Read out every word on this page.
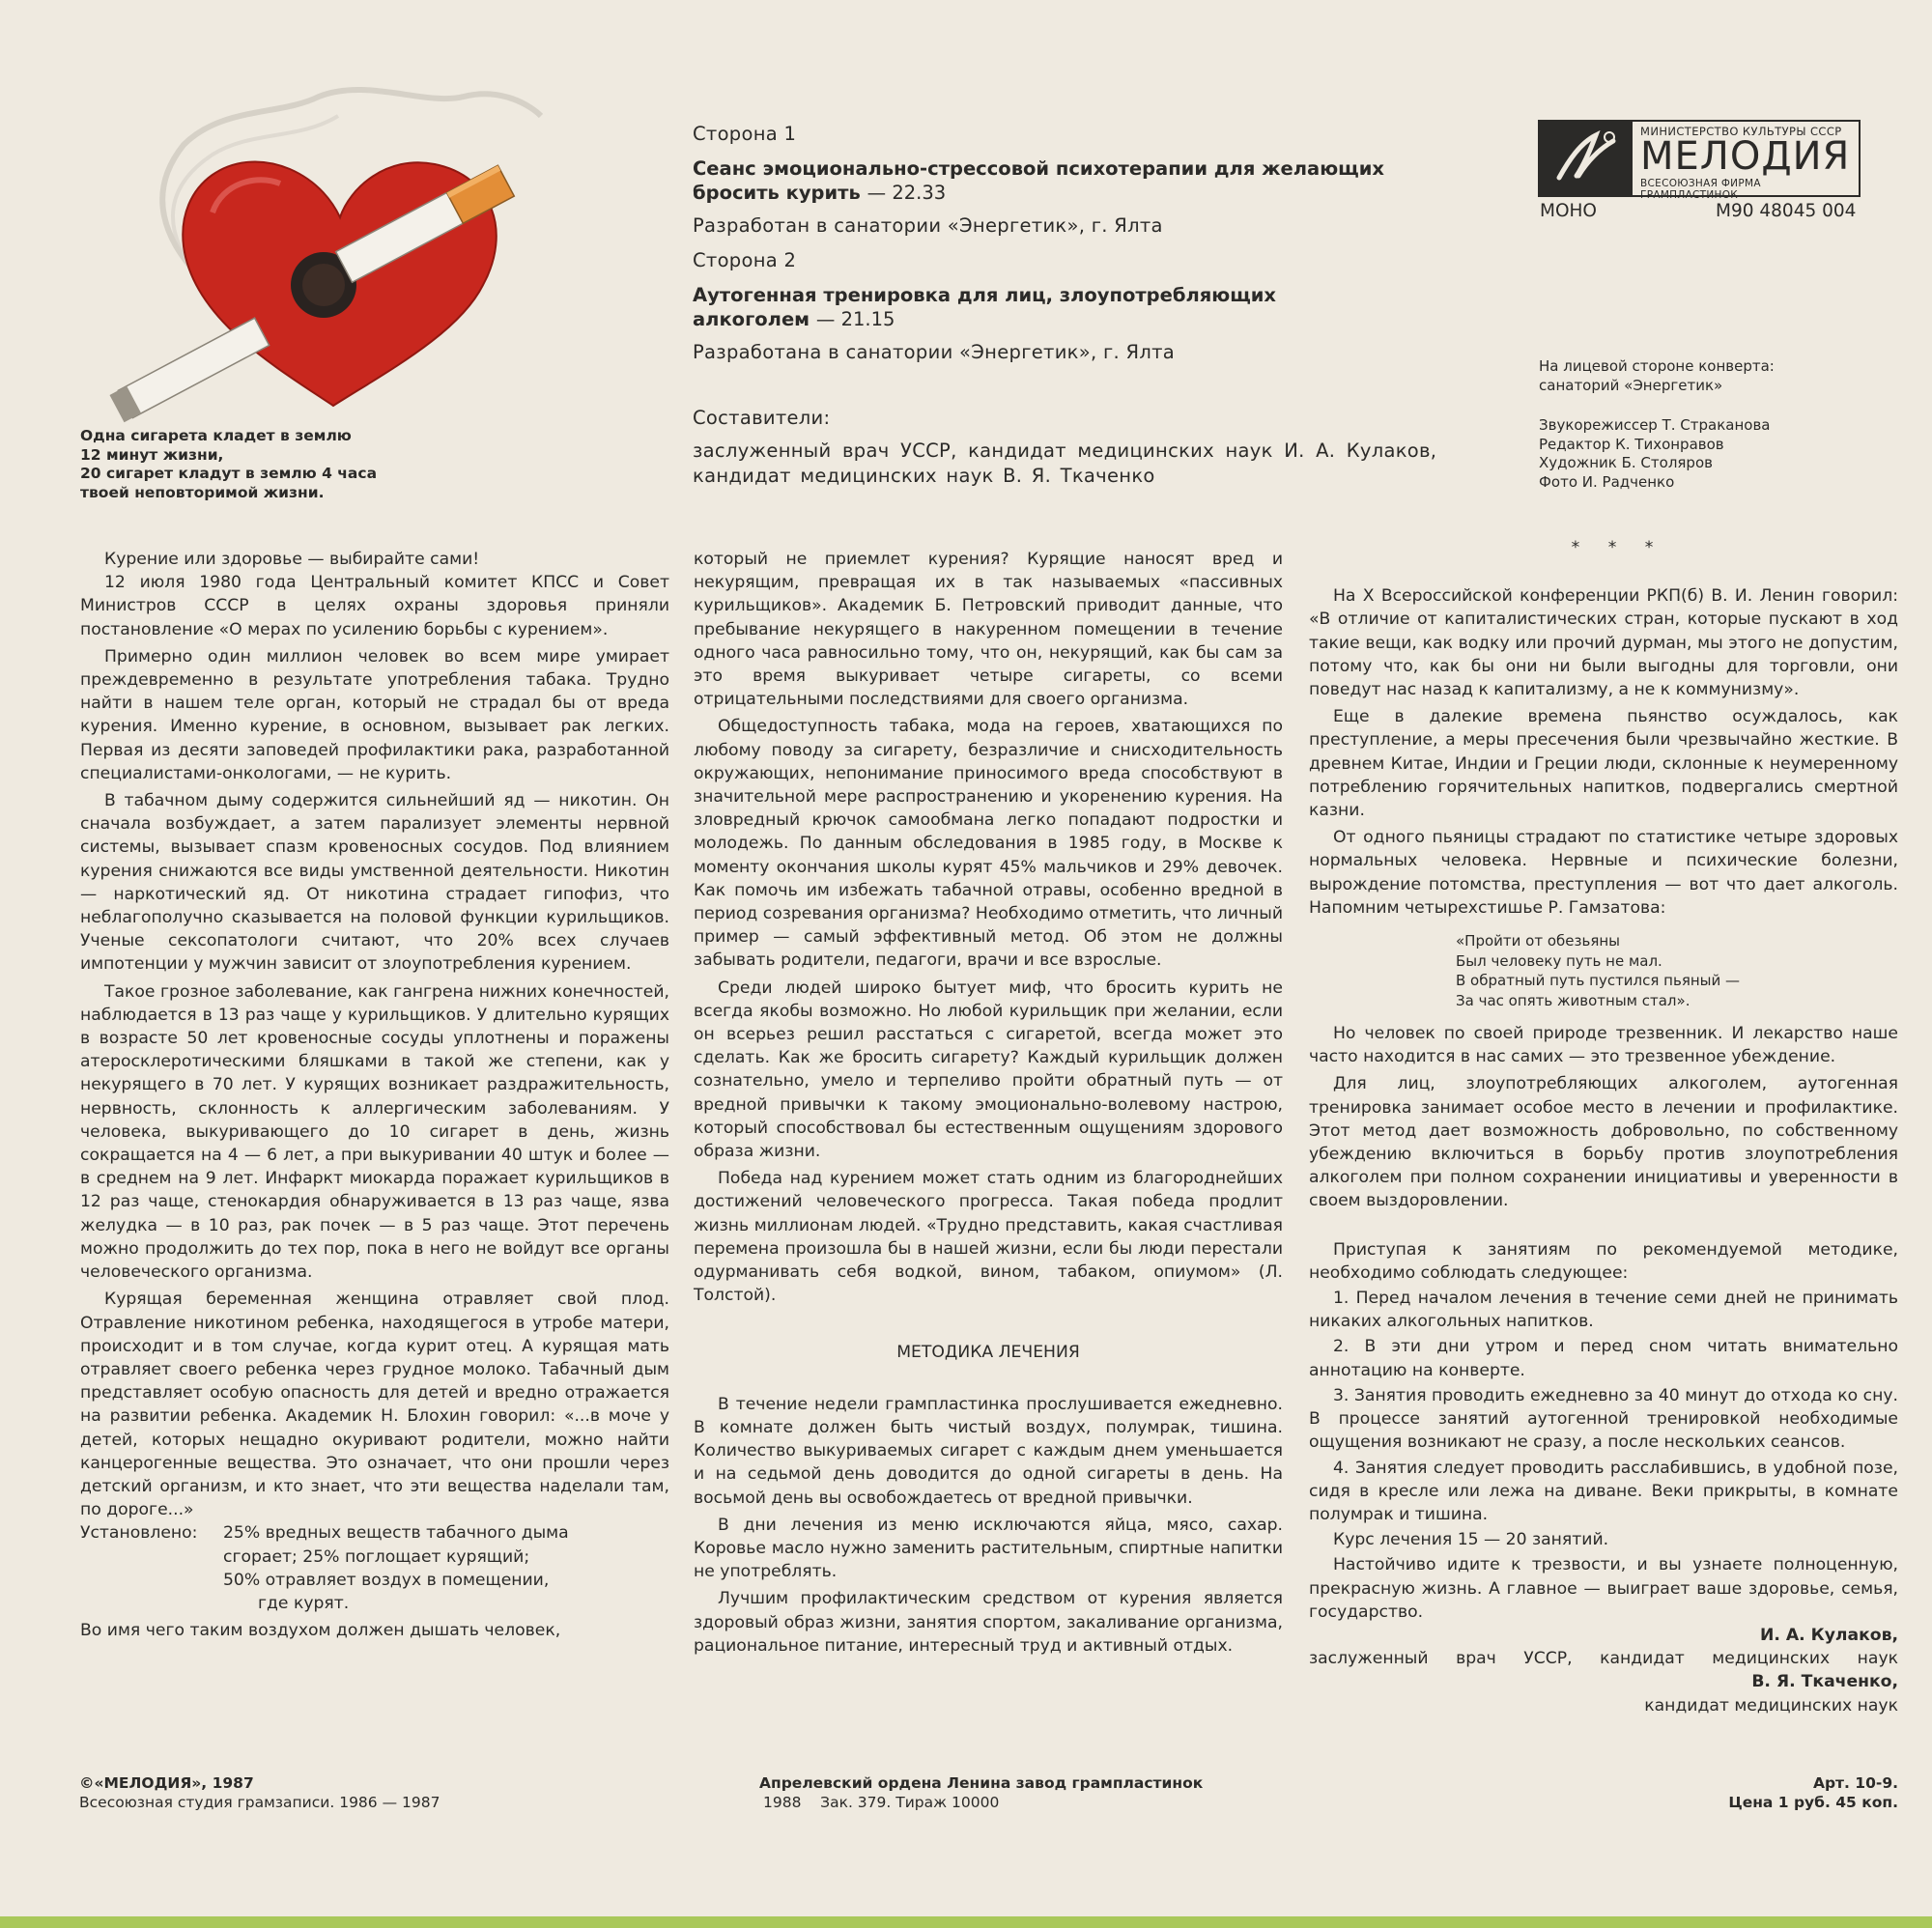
Одна сигарета кладет в землю

12 минут жизни,

20 сигарет кладут в землю 4 часа

твоей неповторимой жизни.

Сторона 1

Сеанс эмоционально-стрессовой психотерапии для желающих

бросить курить — 22.33

Разработан в санатории «Энергетик», г. Ялта

Сторона 2

Аутогенная тренировка для лиц, злоупотребляющих

алкоголем — 21.15

Разработана в санатории «Энергетик», г. Ялта

Составители:

заслуженный врач УССР, кандидат медицинских наук И. А. Кулаков,

кандидат медицинских наук В. Я. Ткаченко

МИНИСТЕРСТВО КУЛЬТУРЫ СССР
МЕЛОДИЯ
ВСЕСОЮЗНАЯ ФИРМА ГРАМПЛАСТИНОК
МОНО	М90 48045 004

На лицевой стороне конверта:

санаторий «Энергетик»

Звукорежиссер Т. Страканова

Редактор К. Тихонравов

Художник Б. Столяров

Фото И. Радченко

Курение или здоровье — выбирайте сами!

12 июля 1980 года Центральный комитет КПСС и Совет Министров СССР в целях охраны здоровья приняли постановление «О мерах по усилению борьбы с курением».

Примерно один миллион человек во всем мире умирает преждевременно в результате употребления табака. Трудно найти в нашем теле орган, который не страдал бы от вреда курения. Именно курение, в основном, вызывает рак легких. Первая из десяти заповедей профилактики рака, разработанной специалистами-онкологами, — не курить.

В табачном дыму содержится сильнейший яд — никотин. Он сначала возбуждает, а затем парализует элементы нервной системы, вызывает спазм кровеносных сосудов. Под влиянием курения снижаются все виды умственной деятельности. Никотин — наркотический яд. От никотина страдает гипофиз, что неблагополучно сказывается на половой функции курильщиков. Ученые сексопатологи считают, что 20% всех случаев импотенции у мужчин зависит от злоупотребления курением.

Такое грозное заболевание, как гангрена нижних конечностей, наблюдается в 13 раз чаще у курильщиков. У длительно курящих в возрасте 50 лет кровеносные сосуды уплотнены и поражены атеросклеротическими бляшками в такой же степени, как у некурящего в 70 лет. У курящих возникает раздражительность, нервность, склонность к аллергическим заболеваниям. У человека, выкуривающего до 10 сигарет в день, жизнь сокращается на 4 — 6 лет, а при выкуривании 40 штук и более — в среднем на 9 лет. Инфаркт миокарда поражает курильщиков в 12 раз чаще, стенокардия обнаруживается в 13 раз чаще, язва желудка — в 10 раз, рак почек — в 5 раз чаще. Этот перечень можно продолжить до тех пор, пока в него не войдут все органы человеческого организма.

Курящая беременная женщина отравляет свой плод. Отравление никотином ребенка, находящегося в утробе матери, происходит и в том случае, когда курит отец. А курящая мать отравляет своего ребенка через грудное молоко. Табачный дым представляет особую опасность для детей и вредно отражается на развитии ребенка. Академик Н. Блохин говорил: «...в моче у детей, которых нещадно окуривают родители, можно найти канцерогенные вещества. Это означает, что они прошли через детский организм, и кто знает, что эти вещества наделали там, по дороге...»

Установлено:	25% вредных веществ табачного дыма

сгорает; 25% поглощает курящий;

50% отравляет воздух в помещении,

где курят.

Во имя чего таким воздухом должен дышать человек,

который не приемлет курения? Курящие наносят вред и некурящим, превращая их в так называемых «пассивных курильщиков». Академик Б. Петровский приводит данные, что пребывание некурящего в накуренном помещении в течение одного часа равносильно тому, что он, некурящий, как бы сам за это время выкуривает четыре сигареты, со всеми отрицательными последствиями для своего организма.

Общедоступность табака, мода на героев, хватающихся по любому поводу за сигарету, безразличие и снисходительность окружающих, непонимание приносимого вреда способствуют в значительной мере распространению и укоренению курения. На зловредный крючок самообмана легко попадают подростки и молодежь. По данным обследования в 1985 году, в Москве к моменту окончания школы курят 45% мальчиков и 29% девочек. Как помочь им избежать табачной отравы, особенно вредной в период созревания организма? Необходимо отметить, что личный пример — самый эффективный метод. Об этом не должны забывать родители, педагоги, врачи и все взрослые.

Среди людей широко бытует миф, что бросить курить не всегда якобы возможно. Но любой курильщик при желании, если он всерьез решил расстаться с сигаретой, всегда может это сделать. Как же бросить сигарету? Каждый курильщик должен сознательно, умело и терпеливо пройти обратный путь — от вредной привычки к такому эмоционально-волевому настрою, который способствовал бы естественным ощущениям здорового образа жизни.

Победа над курением может стать одним из благороднейших достижений человеческого прогресса. Такая победа продлит жизнь миллионам людей. «Трудно представить, какая счастливая перемена произошла бы в нашей жизни, если бы люди перестали одурманивать себя водкой, вином, табаком, опиумом» (Л. Толстой).

МЕТОДИКА ЛЕЧЕНИЯ

В течение недели грампластинка прослушивается ежедневно. В комнате должен быть чистый воздух, полумрак, тишина. Количество выкуриваемых сигарет с каждым днем уменьшается и на седьмой день доводится до одной сигареты в день. На восьмой день вы освобождаетесь от вредной привычки.

В дни лечения из меню исключаются яйца, мясо, сахар. Коровье масло нужно заменить растительным, спиртные напитки не употреблять.

Лучшим профилактическим средством от курения является здоровый образ жизни, занятия спортом, закаливание организма, рациональное питание, интересный труд и активный отдых.

* * *

На X Всероссийской конференции РКП(б) В. И. Ленин говорил: «В отличие от капиталистических стран, которые пускают в ход такие вещи, как водку или прочий дурман, мы этого не допустим, потому что, как бы они ни были выгодны для торговли, они поведут нас назад к капитализму, а не к коммунизму».

Еще в далекие времена пьянство осуждалось, как преступление, а меры пресечения были чрезвычайно жесткие. В древнем Китае, Индии и Греции люди, склонные к неумеренному потреблению горячительных напитков, подвергались смертной казни.

От одного пьяницы страдают по статистике четыре здоровых нормальных человека. Нервные и психические болезни, вырождение потомства, преступления — вот что дает алкоголь. Напомним четырехстишье Р. Гамзатова:

«Пройти от обезьяны

Был человеку путь не мал.

В обратный путь пустился пьяный —

За час опять животным стал».

Но человек по своей природе трезвенник. И лекарство наше часто находится в нас самих — это трезвенное убеждение.

Для лиц, злоупотребляющих алкоголем, аутогенная тренировка занимает особое место в лечении и профилактике. Этот метод дает возможность добровольно, по собственному убеждению включиться в борьбу против злоупотребления алкоголем при полном сохранении инициативы и уверенности в своем выздоровлении.

Приступая к занятиям по рекомендуемой методике, необходимо соблюдать следующее:

1. Перед началом лечения в течение семи дней не принимать никаких алкогольных напитков.

2. В эти дни утром и перед сном читать внимательно аннотацию на конверте.

3. Занятия проводить ежедневно за 40 минут до отхода ко сну. В процессе занятий аутогенной тренировкой необходимые ощущения возникают не сразу, а после нескольких сеансов.

4. Занятия следует проводить расслабившись, в удобной позе, сидя в кресле или лежа на диване. Веки прикрыты, в комнате полумрак и тишина.

Курс лечения 15 — 20 занятий.

Настойчиво идите к трезвости, и вы узнаете полноценную, прекрасную жизнь. А главное — выиграет ваше здоровье, семья, государство.

И. А. Кулаков,

заслуженный врач УССР, кандидат медицинских наук

В. Я. Ткаченко,

кандидат медицинских наук

©«МЕЛОДИЯ», 1987

Всесоюзная студия грамзаписи. 1986 — 1987

Апрелевский ордена Ленина завод грампластинок

1988    Зак. 379. Тираж 10000

Арт. 10-9.

Цена 1 руб. 45 коп.
